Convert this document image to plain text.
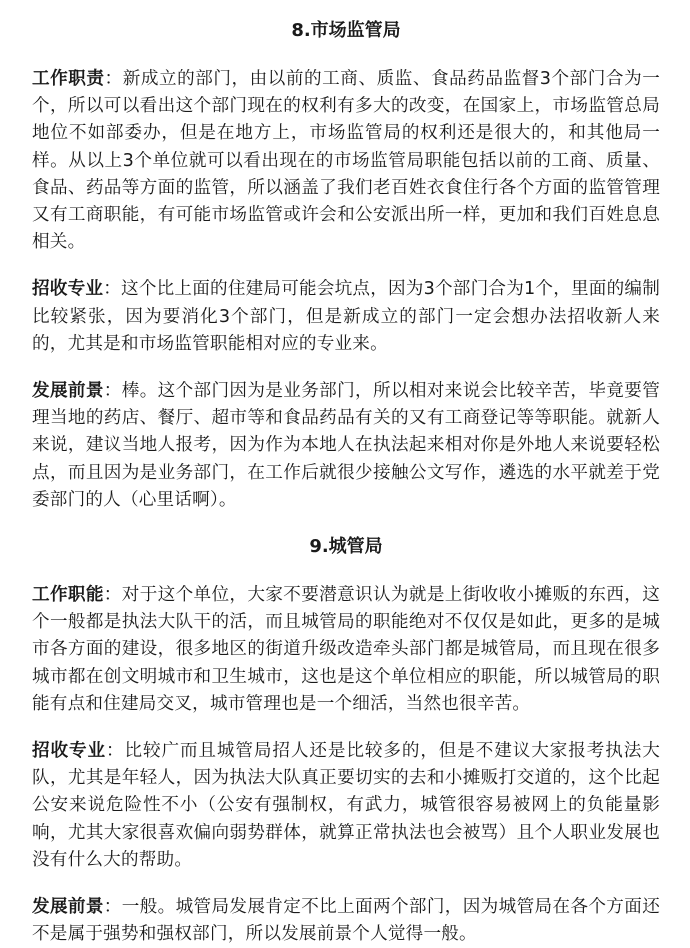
8.市场监管局

工作职责：新成立的部门，由以前的工商、质监、食品药品监督3个部门合为一个，所以可以看出这个部门现在的权利有多大的改变，在国家上，市场监管总局地位不如部委办，但是在地方上，市场监管局的权利还是很大的，和其他局一样。从以上3个单位就可以看出现在的市场监管局职能包括以前的工商、质量、食品、药品等方面的监管，所以涵盖了我们老百姓衣食住行各个方面的监管管理又有工商职能，有可能市场监管或许会和公安派出所一样，更加和我们百姓息息相关。

招收专业：这个比上面的住建局可能会坑点，因为3个部门合为1个，里面的编制比较紧张，因为要消化3个部门，但是新成立的部门一定会想办法招收新人来的，尤其是和市场监管职能相对应的专业来。

发展前景：棒。这个部门因为是业务部门，所以相对来说会比较辛苦，毕竟要管理当地的药店、餐厅、超市等和食品药品有关的又有工商登记等等职能。就新人来说，建议当地人报考，因为作为本地人在执法起来相对你是外地人来说要轻松点，而且因为是业务部门，在工作后就很少接触公文写作，遴选的水平就差于党委部门的人（心里话啊）。

9.城管局

工作职能：对于这个单位，大家不要潜意识认为就是上街收收小摊贩的东西，这个一般都是执法大队干的活，而且城管局的职能绝对不仅仅是如此，更多的是城市各方面的建设，很多地区的街道升级改造牵头部门都是城管局，而且现在很多城市都在创文明城市和卫生城市，这也是这个单位相应的职能，所以城管局的职能有点和住建局交叉，城市管理也是一个细活，当然也很辛苦。

招收专业：比较广而且城管局招人还是比较多的，但是不建议大家报考执法大队，尤其是年轻人，因为执法大队真正要切实的去和小摊贩打交道的，这个比起公安来说危险性不小（公安有强制权，有武力，城管很容易被网上的负能量影响，尤其大家很喜欢偏向弱势群体，就算正常执法也会被骂）且个人职业发展也没有什么大的帮助。

发展前景：一般。城管局发展肯定不比上面两个部门，因为城管局在各个方面还不是属于强势和强权部门，所以发展前景个人觉得一般。
